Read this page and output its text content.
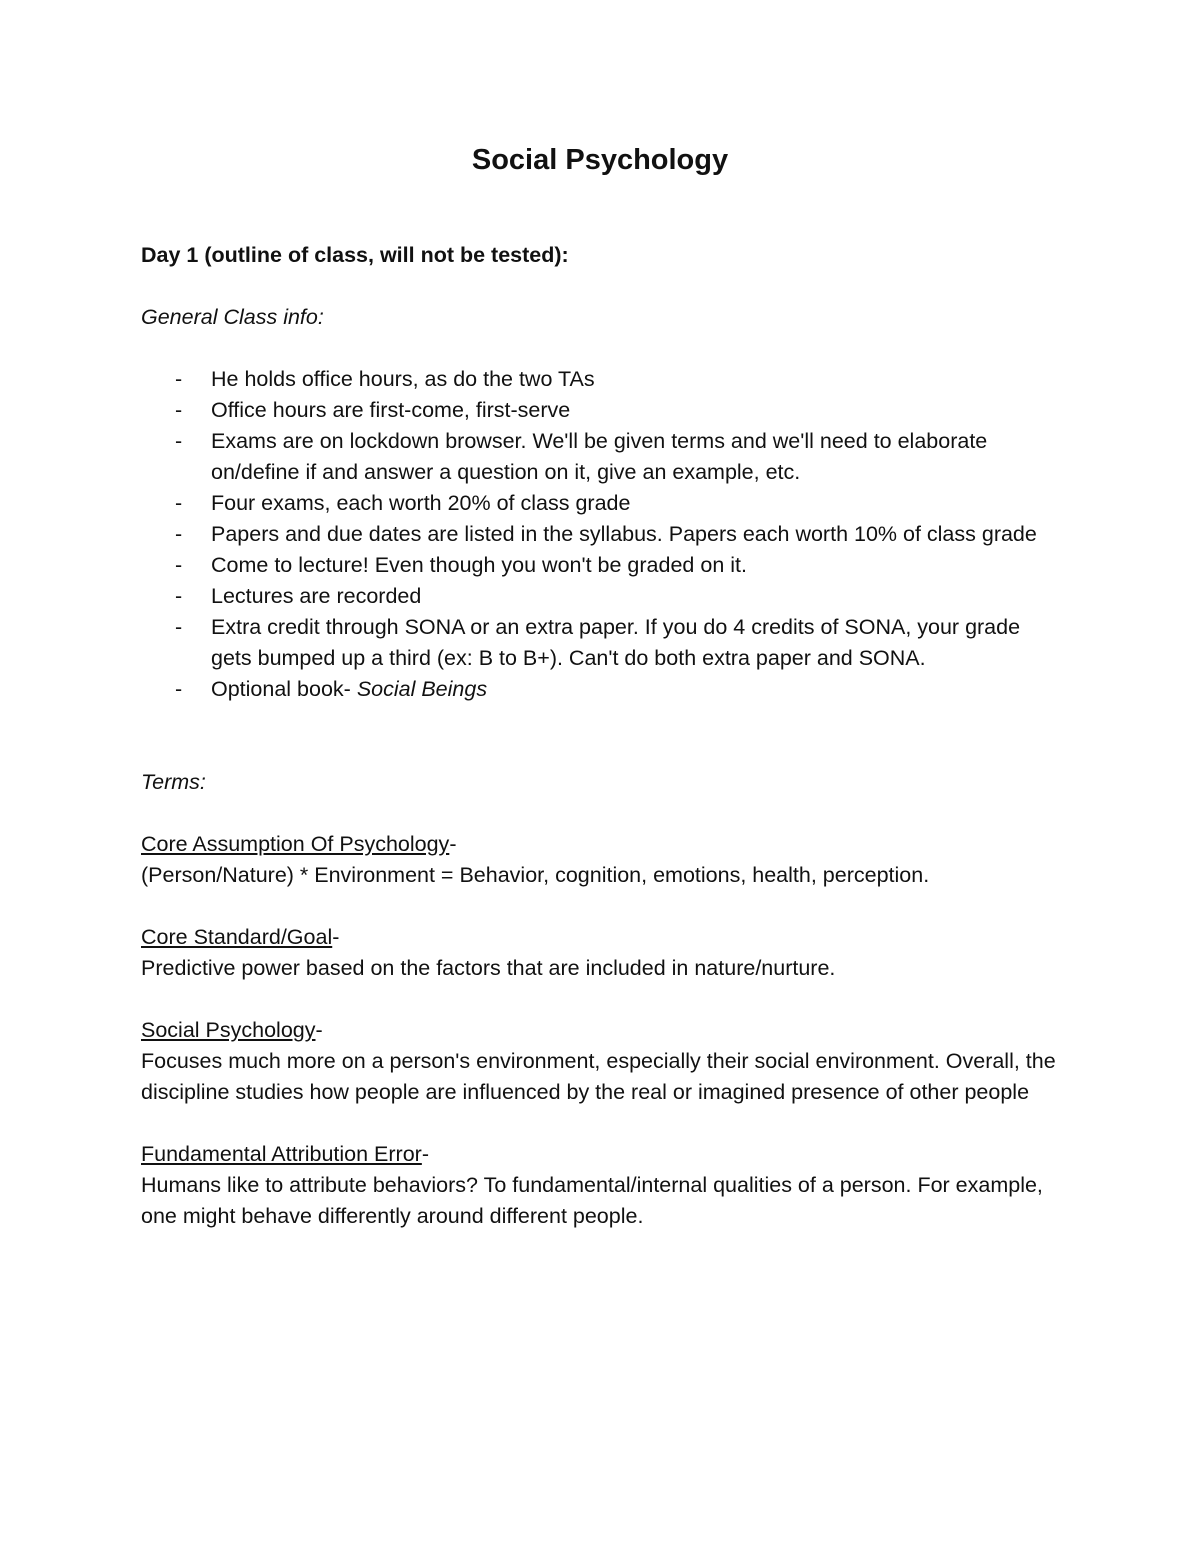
Social Psychology

Day 1 (outline of class, will not be tested):

General Class info:

- He holds office hours, as do the two TAs
- Office hours are first-come, first-serve
- Exams are on lockdown browser. We'll be given terms and we'll need to elaborate on/define if and answer a question on it, give an example, etc.
- Four exams, each worth 20% of class grade
- Papers and due dates are listed in the syllabus. Papers each worth 10% of class grade
- Come to lecture! Even though you won't be graded on it.
- Lectures are recorded
- Extra credit through SONA or an extra paper. If you do 4 credits of SONA, your grade gets bumped up a third (ex: B to B+). Can't do both extra paper and SONA.
- Optional book- Social Beings

Terms:

Core Assumption Of Psychology-

(Person/Nature) * Environment = Behavior, cognition, emotions, health, perception.

Core Standard/Goal-

Predictive power based on the factors that are included in nature/nurture.

Social Psychology-

Focuses much more on a person's environment, especially their social environment. Overall, the discipline studies how people are influenced by the real or imagined presence of other people

Fundamental Attribution Error-

Humans like to attribute behaviors? To fundamental/internal qualities of a person. For example, one might behave differently around different people.
